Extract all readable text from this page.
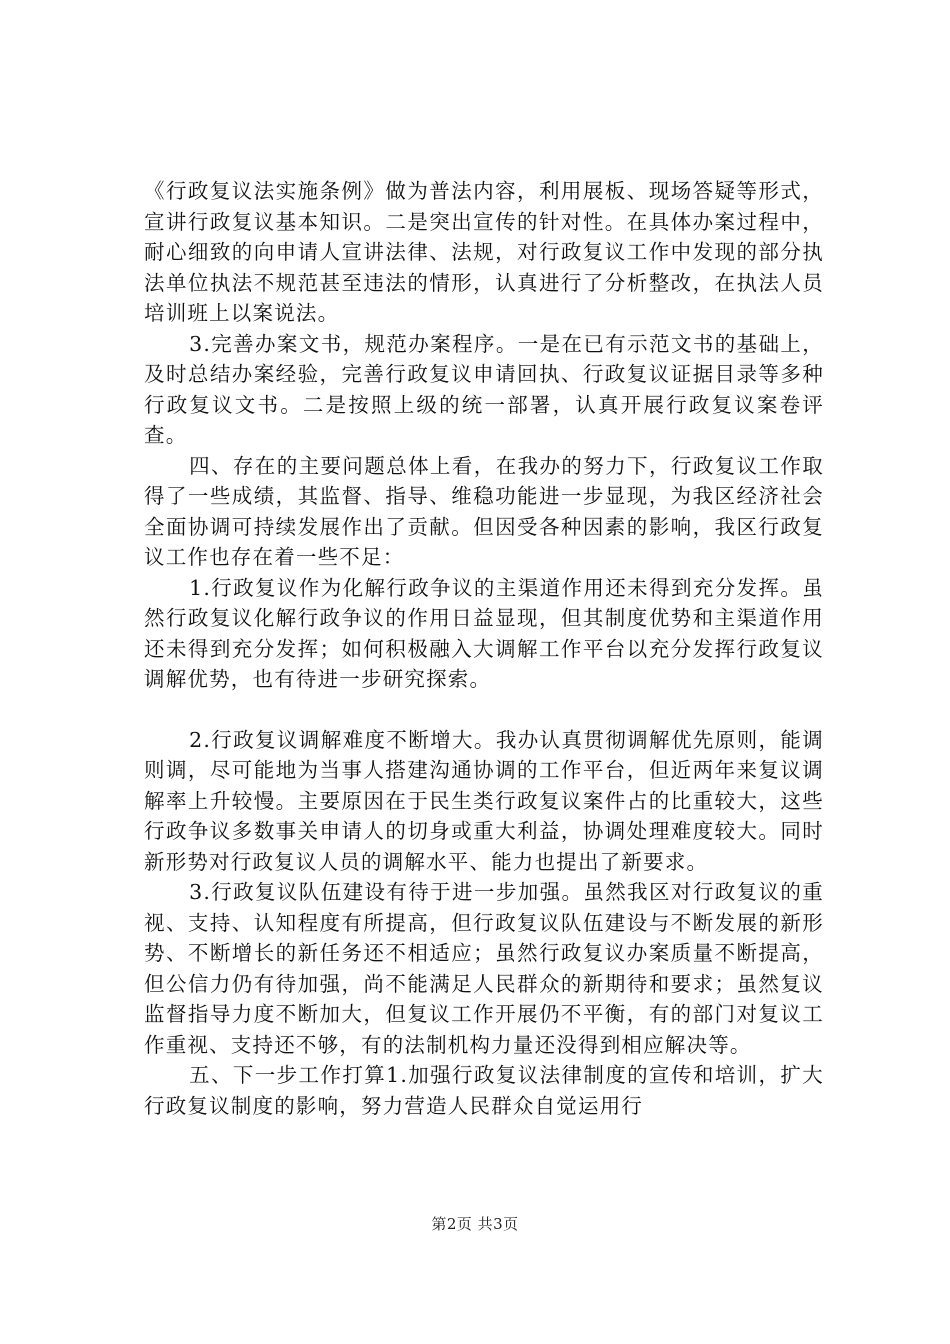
《行政复议法实施条例》做为普法内容，利用展板、现场答疑等形式，宣讲行政复议基本知识。二是突出宣传的针对性。在具体办案过程中，耐心细致的向申请人宣讲法律、法规，对行政复议工作中发现的部分执法单位执法不规范甚至违法的情形，认真进行了分析整改，在执法人员培训班上以案说法。

3.完善办案文书，规范办案程序。一是在已有示范文书的基础上，及时总结办案经验，完善行政复议申请回执、行政复议证据目录等多种行政复议文书。二是按照上级的统一部署，认真开展行政复议案卷评查。

四、存在的主要问题总体上看，在我办的努力下，行政复议工作取得了一些成绩，其监督、指导、维稳功能进一步显现，为我区经济社会全面协调可持续发展作出了贡献。但因受各种因素的影响，我区行政复议工作也存在着一些不足：

1.行政复议作为化解行政争议的主渠道作用还未得到充分发挥。虽然行政复议化解行政争议的作用日益显现，但其制度优势和主渠道作用还未得到充分发挥；如何积极融入大调解工作平台以充分发挥行政复议调解优势，也有待进一步研究探索。

2.行政复议调解难度不断增大。我办认真贯彻调解优先原则，能调则调，尽可能地为当事人搭建沟通协调的工作平台，但近两年来复议调解率上升较慢。主要原因在于民生类行政复议案件占的比重较大，这些行政争议多数事关申请人的切身或重大利益，协调处理难度较大。同时新形势对行政复议人员的调解水平、能力也提出了新要求。

3.行政复议队伍建设有待于进一步加强。虽然我区对行政复议的重视、支持、认知程度有所提高，但行政复议队伍建设与不断发展的新形势、不断增长的新任务还不相适应；虽然行政复议办案质量不断提高，但公信力仍有待加强，尚不能满足人民群众的新期待和要求；虽然复议监督指导力度不断加大，但复议工作开展仍不平衡，有的部门对复议工作重视、支持还不够，有的法制机构力量还没得到相应解决等。

五、下一步工作打算1.加强行政复议法律制度的宣传和培训，扩大行政复议制度的影响，努力营造人民群众自觉运用行

第2页 共3页
